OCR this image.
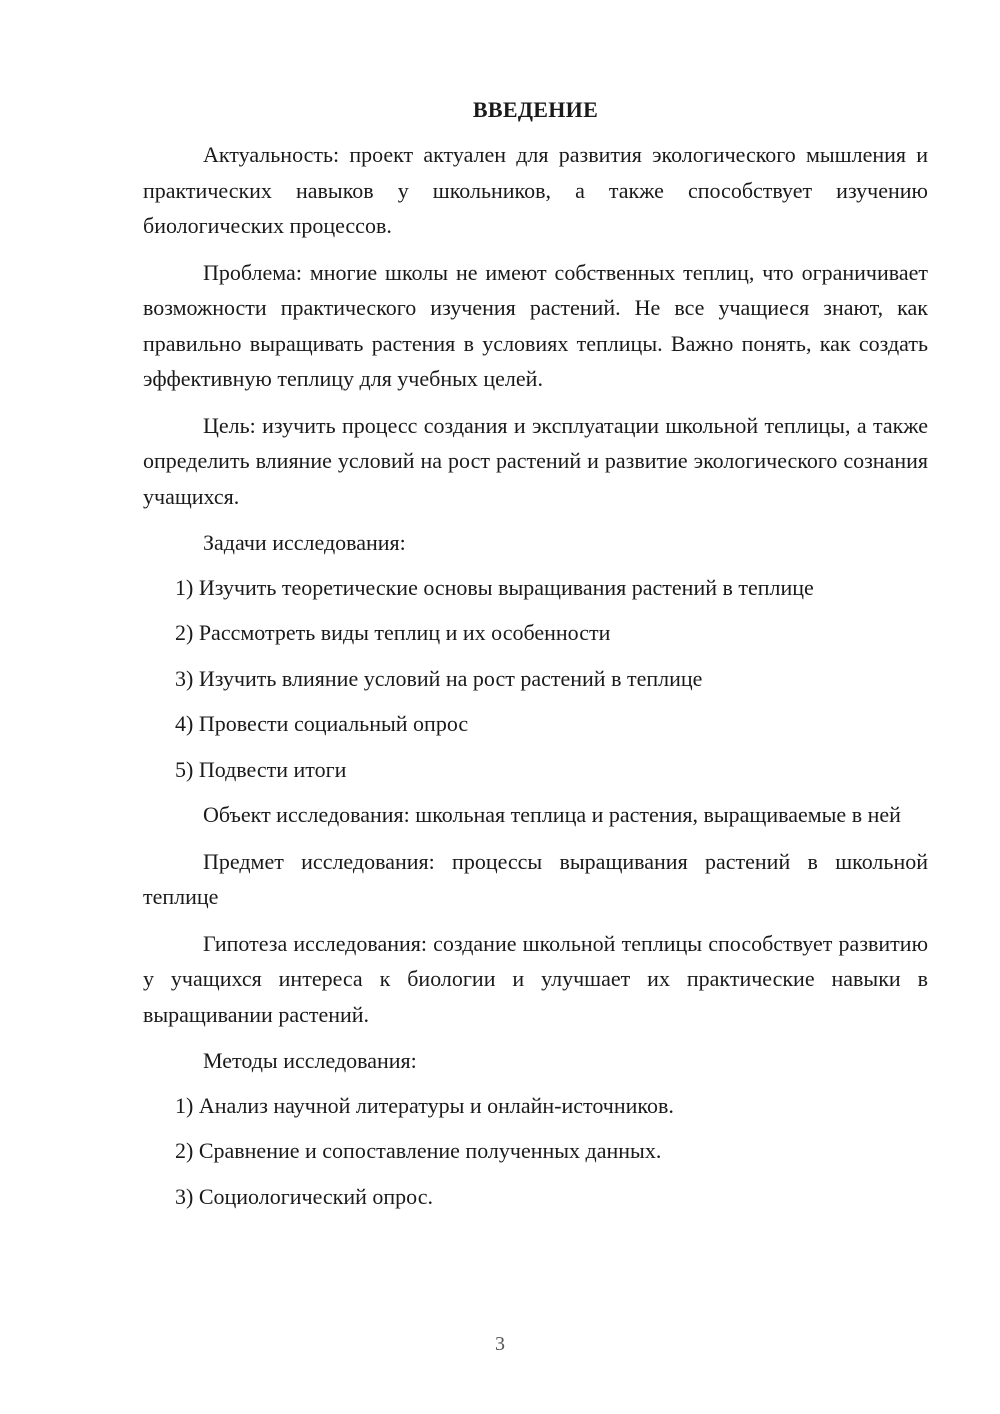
ВВЕДЕНИЕ

Актуальность: проект актуален для развития экологического мышления и практических навыков у школьников, а также способствует изучению биологических процессов.

Проблема: многие школы не имеют собственных теплиц, что ограничивает возможности практического изучения растений. Не все учащиеся знают, как правильно выращивать растения в условиях теплицы. Важно понять, как создать эффективную теплицу для учебных целей.

Цель: изучить процесс создания и эксплуатации школьной теплицы, а также определить влияние условий на рост растений и развитие экологического сознания учащихся.

Задачи исследования:

1) Изучить теоретические основы выращивания растений в теплице
2) Рассмотреть виды теплиц и их особенности
3) Изучить влияние условий на рост растений в теплице
4) Провести социальный опрос
5) Подвести итоги

Объект исследования: школьная теплица и растения, выращиваемые в ней

Предмет исследования: процессы выращивания растений в школьной теплице

Гипотеза исследования: создание школьной теплицы способствует развитию у учащихся интереса к биологии и улучшает их практические навыки в выращивании растений.

Методы исследования:

1) Анализ научной литературы и онлайн-источников.
2) Сравнение и сопоставление полученных данных.
3) Социологический опрос.
3
